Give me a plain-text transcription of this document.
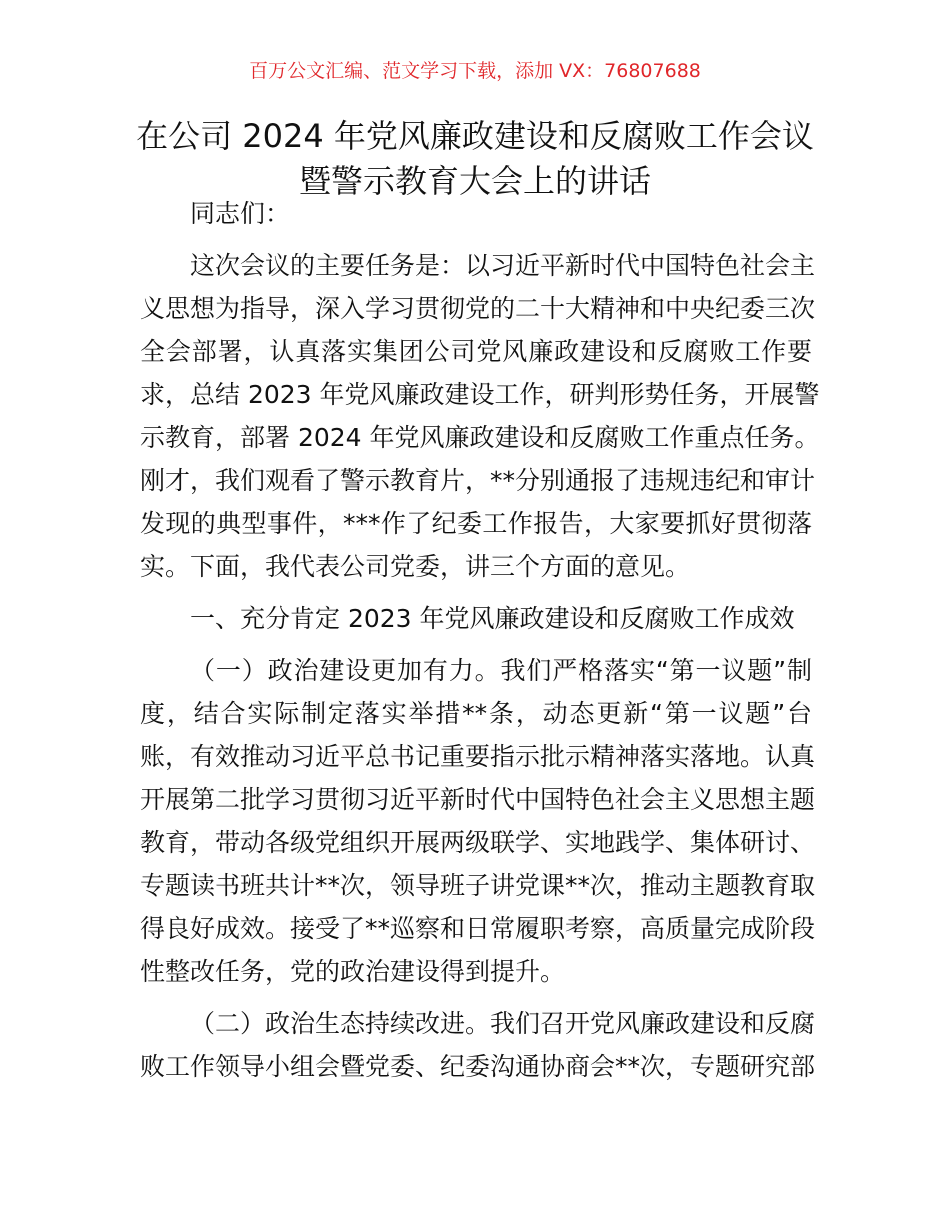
百万公文汇编、范文学习下载，添加 VX：76807688
在公司 2024 年党风廉政建设和反腐败工作会议
暨警示教育大会上的讲话
同志们：
这次会议的主要任务是：以习近平新时代中国特色社会主
义思想为指导，深入学习贯彻党的二十大精神和中央纪委三次
全会部署，认真落实集团公司党风廉政建设和反腐败工作要
求，总结 2023 年党风廉政建设工作，研判形势任务，开展警
示教育，部署 2024 年党风廉政建设和反腐败工作重点任务。
刚才，我们观看了警示教育片，**分别通报了违规违纪和审计
发现的典型事件，***作了纪委工作报告，大家要抓好贯彻落
实。下面，我代表公司党委，讲三个方面的意见。
一、充分肯定 2023 年党风廉政建设和反腐败工作成效
（一）政治建设更加有力。我们严格落实“第一议题”制
度，结合实际制定落实举措**条，动态更新“第一议题”台
账，有效推动习近平总书记重要指示批示精神落实落地。认真
开展第二批学习贯彻习近平新时代中国特色社会主义思想主题
教育，带动各级党组织开展两级联学、实地践学、集体研讨、
专题读书班共计**次，领导班子讲党课**次，推动主题教育取
得良好成效。接受了**巡察和日常履职考察，高质量完成阶段
性整改任务，党的政治建设得到提升。
（二）政治生态持续改进。我们召开党风廉政建设和反腐
败工作领导小组会暨党委、纪委沟通协商会**次，专题研究部
